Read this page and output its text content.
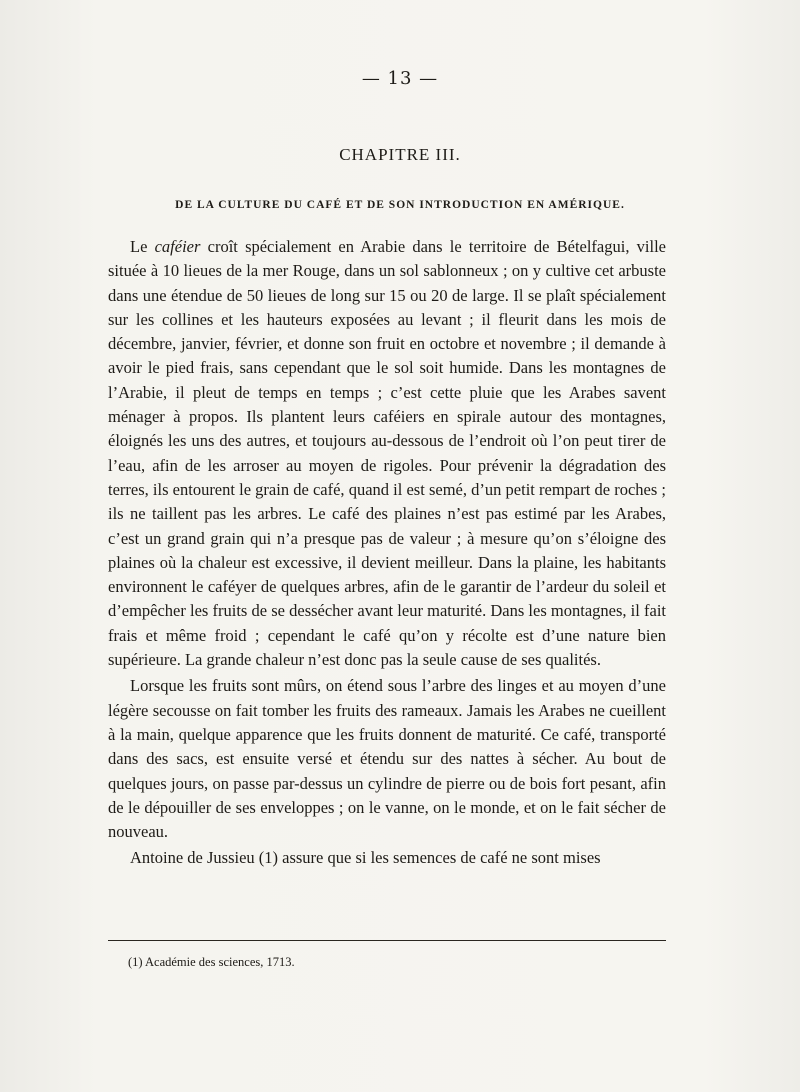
— 13 —
CHAPITRE III.
DE LA CULTURE DU CAFÉ ET DE SON INTRODUCTION EN AMÉRIQUE.

Le caféier croît spécialement en Arabie dans le territoire de Bételfagui, ville située à 10 lieues de la mer Rouge, dans un sol sablonneux ; on y cultive cet arbuste dans une étendue de 50 lieues de long sur 15 ou 20 de large. Il se plaît spécialement sur les collines et les hauteurs exposées au levant ; il fleurit dans les mois de décembre, janvier, février, et donne son fruit en octobre et novembre ; il demande à avoir le pied frais, sans cependant que le sol soit humide. Dans les montagnes de l’Arabie, il pleut de temps en temps ; c’est cette pluie que les Arabes savent ménager à propos. Ils plantent leurs caféiers en spirale autour des montagnes, éloignés les uns des autres, et toujours au-dessous de l’endroit où l’on peut tirer de l’eau, afin de les arroser au moyen de rigoles. Pour prévenir la dégradation des terres, ils entourent le grain de café, quand il est semé, d’un petit rempart de roches ; ils ne taillent pas les arbres. Le café des plaines n’est pas estimé par les Arabes, c’est un grand grain qui n’a presque pas de valeur ; à mesure qu’on s’éloigne des plaines où la chaleur est excessive, il devient meilleur. Dans la plaine, les habitants environnent le caféyer de quelques arbres, afin de le garantir de l’ardeur du soleil et d’empêcher les fruits de se dessécher avant leur maturité. Dans les montagnes, il fait frais et même froid ; cependant le café qu’on y récolte est d’une nature bien supérieure. La grande chaleur n’est donc pas la seule cause de ses qualités.

Lorsque les fruits sont mûrs, on étend sous l’arbre des linges et au moyen d’une légère secousse on fait tomber les fruits des rameaux. Jamais les Arabes ne cueillent à la main, quelque apparence que les fruits donnent de maturité. Ce café, transporté dans des sacs, est ensuite versé et étendu sur des nattes à sécher. Au bout de quelques jours, on passe par-dessus un cylindre de pierre ou de bois fort pesant, afin de le dépouiller de ses enveloppes ; on le vanne, on le monde, et on le fait sécher de nouveau.

Antoine de Jussieu (1) assure que si les semences de café ne sont mises

(1) Académie des sciences, 1713.
